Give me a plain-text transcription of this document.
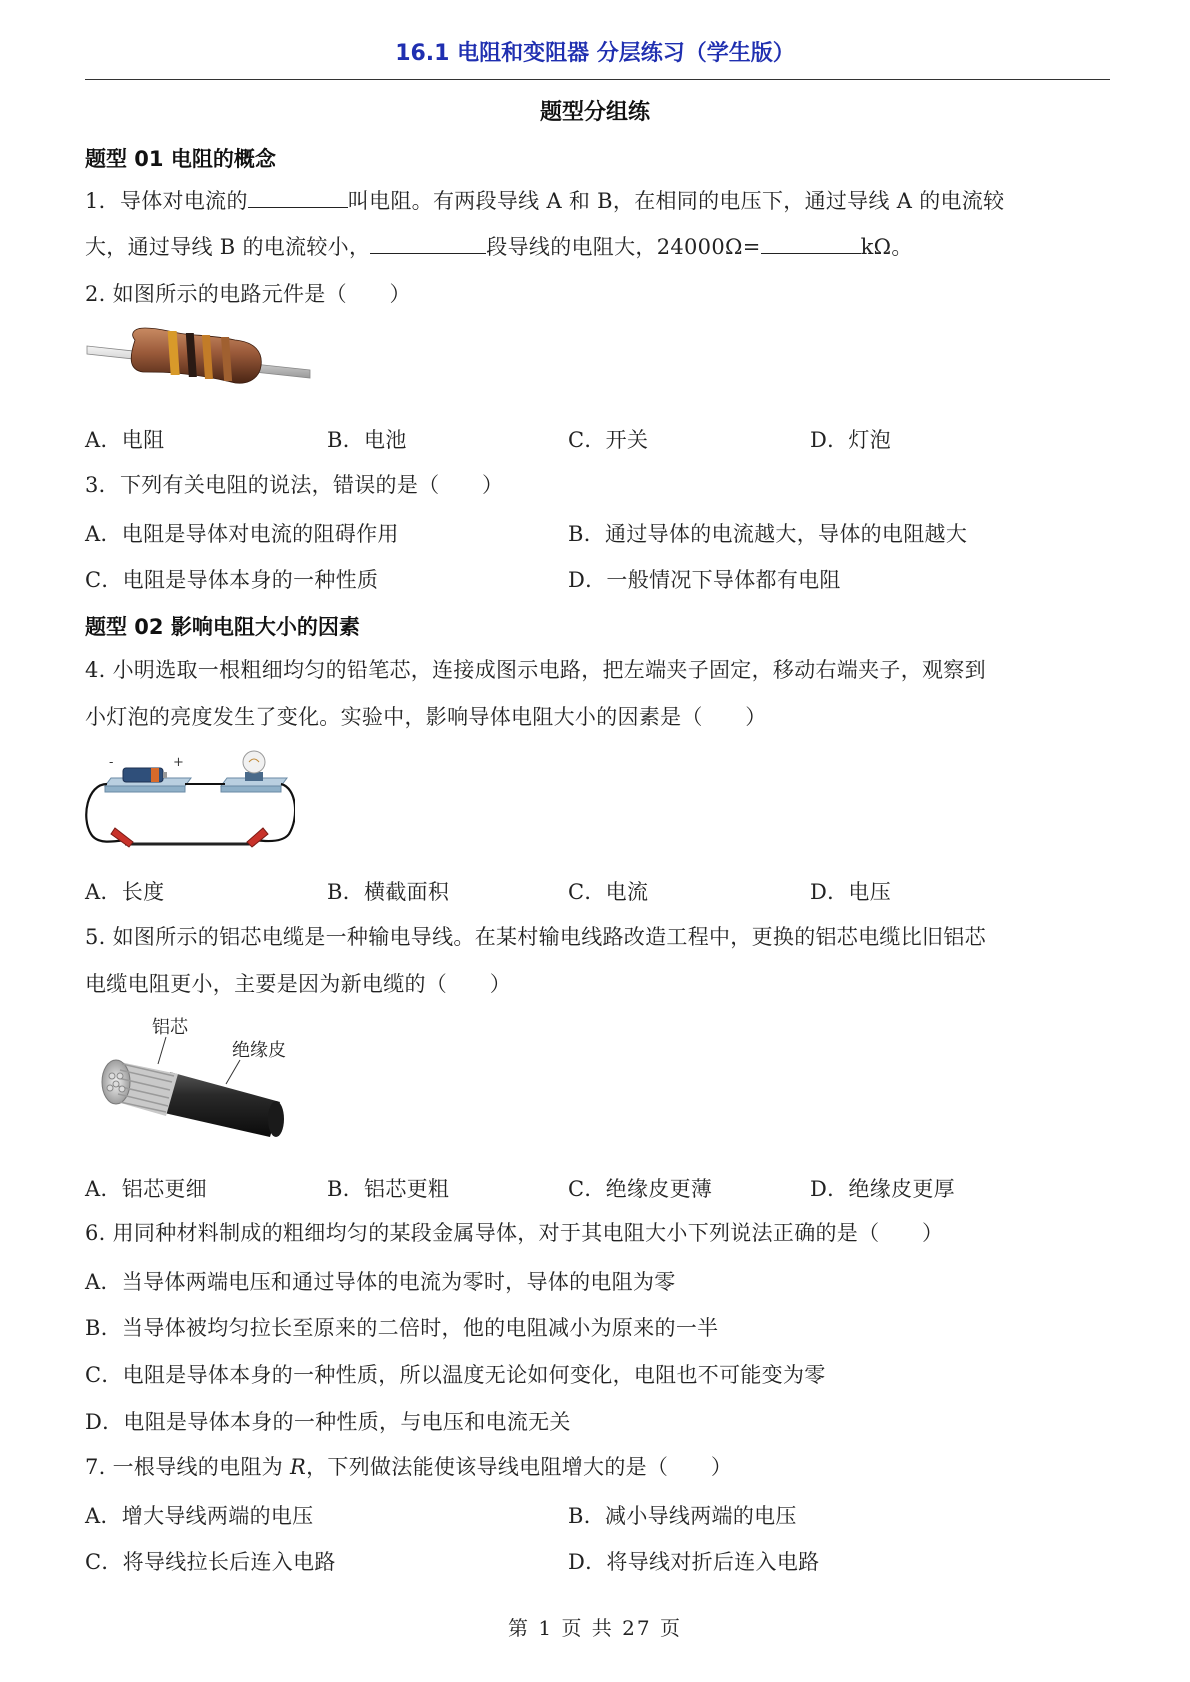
16.1 电阻和变阻器 分层练习（学生版）
题型分组练
题型 01 电阻的概念
1．导体对电流的	叫电阻。有两段导线 A 和 B，在相同的电压下，通过导线 A 的电流较
大，通过导线 B 的电流较小，	段导线的电阻大，24000Ω=	kΩ。
2. 如图所示的电路元件是（　　）
A．电阻	B．电池	C．开关	D．灯泡
3．下列有关电阻的说法，错误的是（　　）
A．电阻是导体对电流的阻碍作用	B．通过导体的电流越大，导体的电阻越大
C．电阻是导体本身的一种性质	D．一般情况下导体都有电阻
题型 02 影响电阻大小的因素
4. 小明选取一根粗细均匀的铅笔芯，连接成图示电路，把左端夹子固定，移动右端夹子，观察到
小灯泡的亮度发生了变化。实验中，影响导体电阻大小的因素是（　　）
-	+
A．长度	B．横截面积	C．电流	D．电压
5. 如图所示的铝芯电缆是一种输电导线。在某村输电线路改造工程中，更换的铝芯电缆比旧铝芯
电缆电阻更小，主要是因为新电缆的（　　）
铝芯
绝缘皮
A．铝芯更细	B．铝芯更粗	C．绝缘皮更薄	D．绝缘皮更厚
6. 用同种材料制成的粗细均匀的某段金属导体，对于其电阻大小下列说法正确的是（　　）
A．当导体两端电压和通过导体的电流为零时，导体的电阻为零
B．当导体被均匀拉长至原来的二倍时，他的电阻减小为原来的一半
C．电阻是导体本身的一种性质，所以温度无论如何变化，电阻也不可能变为零
D．电阻是导体本身的一种性质，与电压和电流无关
7. 一根导线的电阻为 R，下列做法能使该导线电阻增大的是（　　）
A．增大导线两端的电压	B．减小导线两端的电压
C．将导线拉长后连入电路	D．将导线对折后连入电路
第 1 页 共 27 页
